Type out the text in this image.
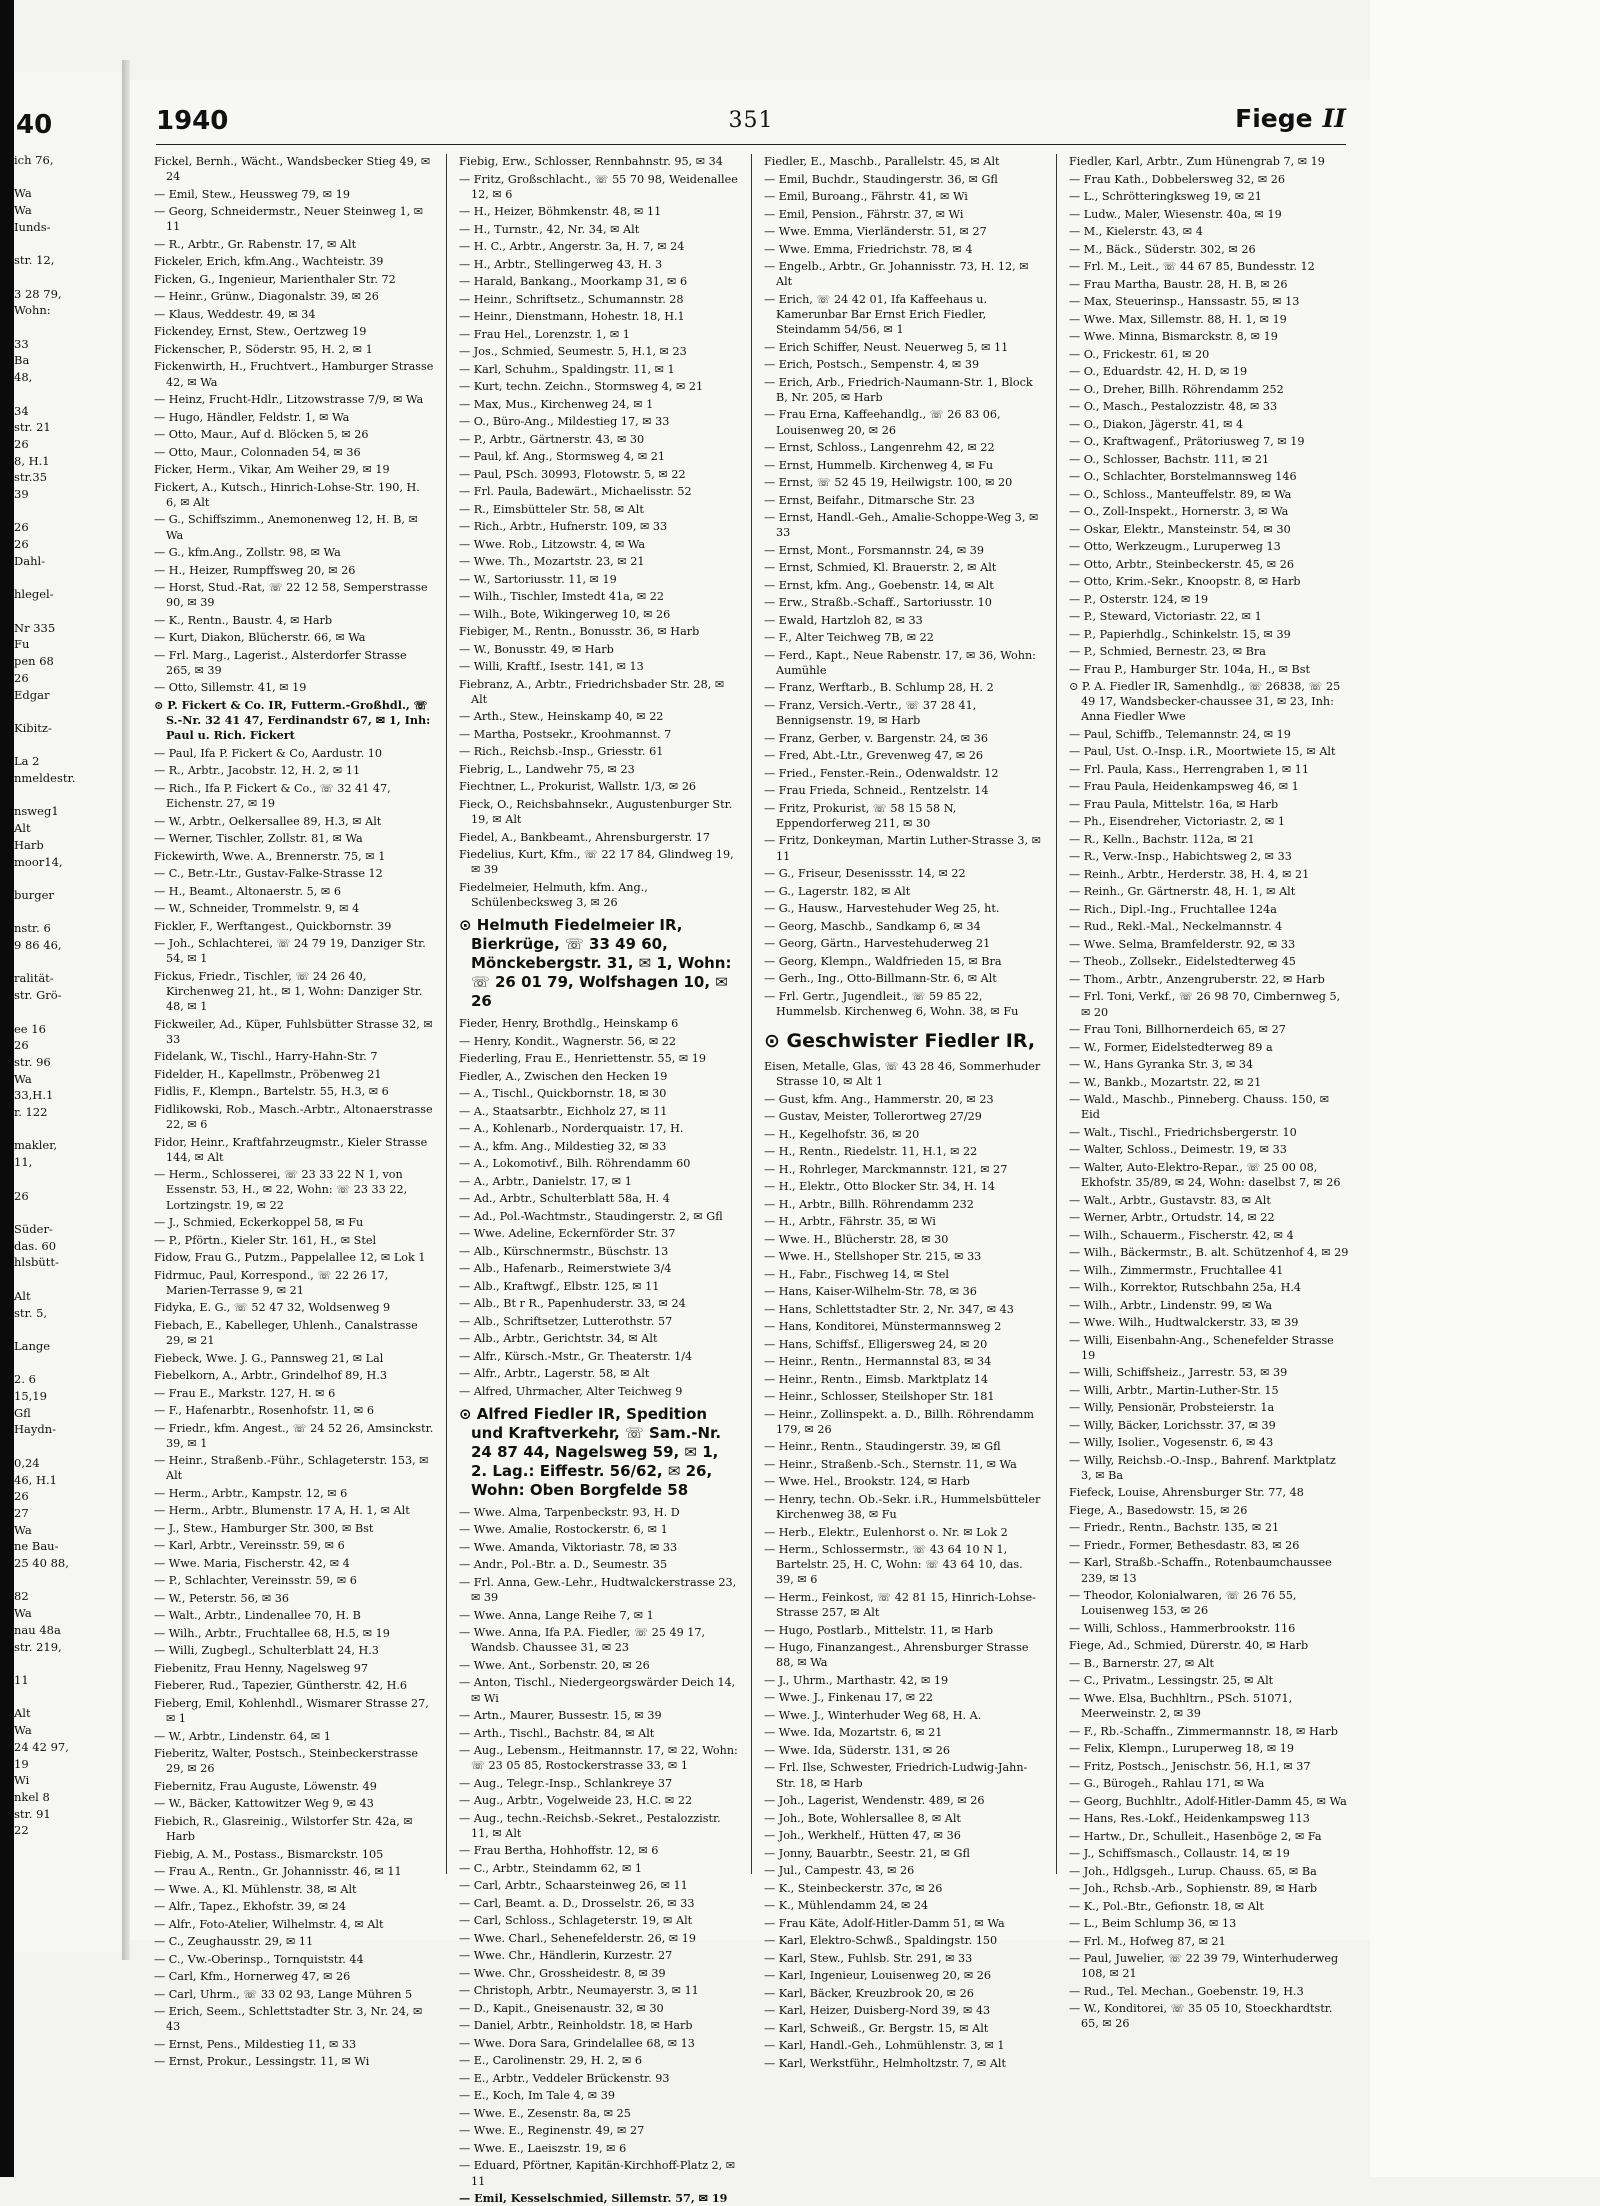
40
ich 76,

Wa
Wa
Iunds-

str. 12,

3 28 79,
Wohn:

33
Ba
48,

34
str. 21
26
8, H.1
str.35
39

26
26
Dahl-

hlegel-

Nr 335
Fu
pen 68
26
Edgar

Kibitz-

La 2
nmeldestr.

nsweg1
Alt
Harb
moor14,

burger

nstr. 6
9 86 46,

ralität-
str. Grö-

ee 16
26
str. 96
Wa
33,H.1
r. 122

makler,
11,

26

Süder-
das. 60
hlsbütt-

Alt
str. 5,

Lange

2. 6
15,19
Gfl
Haydn-

0,24
46, H.1
26
27
Wa
ne Bau-
25 40 88,

82
Wa
nau 48a
str. 219,

11

Alt
Wa
24 42 97,
19
Wi
nkel 8
str. 91
22
1940	351	Fiege II
Fickel, Bernh., Wächt., Wandsbecker Stieg 49, ✉ 24
— Emil, Stew., Heussweg 79, ✉ 19
— Georg, Schneidermstr., Neuer Steinweg 1, ✉ 11
— R., Arbtr., Gr. Rabenstr. 17, ✉ Alt
Fickeler, Erich, kfm.Ang., Wachteistr. 39
Ficken, G., Ingenieur, Marienthaler Str. 72
— Heinr., Grünw., Diagonalstr. 39, ✉ 26
— Klaus, Weddestr. 49, ✉ 34
Fickendey, Ernst, Stew., Oertzweg 19
Fickenscher, P., Söderstr. 95, H. 2, ✉ 1
Fickenwirth, H., Fruchtvert., Hamburger Strasse 42, ✉ Wa
— Heinz, Frucht-Hdlr., Litzowstrasse 7/9, ✉ Wa
— Hugo, Händler, Feldstr. 1, ✉ Wa
— Otto, Maur., Auf d. Blöcken 5, ✉ 26
— Otto, Maur., Colonnaden 54, ✉ 36
Ficker, Herm., Vikar, Am Weiher 29, ✉ 19
Fickert, A., Kutsch., Hinrich-Lohse-Str. 190, H. 6, ✉ Alt
— G., Schiffszimm., Anemonenweg 12, H. B, ✉ Wa
— G., kfm.Ang., Zollstr. 98, ✉ Wa
— H., Heizer, Rumpffsweg 20, ✉ 26
— Horst, Stud.-Rat, ☏ 22 12 58, Semperstrasse 90, ✉ 39
— K., Rentn., Baustr. 4, ✉ Harb
— Kurt, Diakon, Blücherstr. 66, ✉ Wa
— Frl. Marg., Lagerist., Alsterdorfer Strasse 265, ✉ 39
— Otto, Sillemstr. 41, ✉ 19
⊙ P. Fickert & Co. IR, Futterm.-Großhdl., ☏ S.-Nr. 32 41 47, Ferdinandstr 67, ✉ 1, Inh: Paul u. Rich. Fickert
— Paul, Ifa P. Fickert & Co, Aardustr. 10
— R., Arbtr., Jacobstr. 12, H. 2, ✉ 11
— Rich., Ifa P. Fickert & Co., ☏ 32 41 47, Eichenstr. 27, ✉ 19
— W., Arbtr., Oelkersallee 89, H.3, ✉ Alt
— Werner, Tischler, Zollstr. 81, ✉ Wa
Fickewirth, Wwe. A., Brennerstr. 75, ✉ 1
— C., Betr.-Ltr., Gustav-Falke-Strasse 12
— H., Beamt., Altonaerstr. 5, ✉ 6
— W., Schneider, Trommelstr. 9, ✉ 4
Fickler, F., Werftangest., Quickbornstr. 39
— Joh., Schlachterei, ☏ 24 79 19, Danziger Str. 54, ✉ 1
Fickus, Friedr., Tischler, ☏ 24 26 40, Kirchenweg 21, ht., ✉ 1, Wohn: Danziger Str. 48, ✉ 1
Fickweiler, Ad., Küper, Fuhlsbütter Strasse 32, ✉ 33
Fidelank, W., Tischl., Harry-Hahn-Str. 7
Fidelder, H., Kapellmstr., Pröbenweg 21
Fidlis, F., Klempn., Bartelstr. 55, H.3, ✉ 6
Fidlikowski, Rob., Masch.-Arbtr., Altonaerstrasse 22, ✉ 6
Fidor, Heinr., Kraftfahrzeugmstr., Kieler Strasse 144, ✉ Alt
— Herm., Schlosserei, ☏ 23 33 22 N 1, von Essenstr. 53, H., ✉ 22, Wohn: ☏ 23 33 22, Lortzingstr. 19, ✉ 22
— J., Schmied, Eckerkoppel 58, ✉ Fu
— P., Pförtn., Kieler Str. 161, H., ✉ Stel
Fidow, Frau G., Putzm., Pappelallee 12, ✉ Lok 1
Fidrmuc, Paul, Korrespond., ☏ 22 26 17, Marien-Terrasse 9, ✉ 21
Fidyka, E. G., ☏ 52 47 32, Woldsenweg 9
Fiebach, E., Kabelleger, Uhlenh., Canalstrasse 29, ✉ 21
Fiebeck, Wwe. J. G., Pannsweg 21, ✉ Lal
Fiebelkorn, A., Arbtr., Grindelhof 89, H.3
— Frau E., Markstr. 127, H. ✉ 6
— F., Hafenarbtr., Rosenhofstr. 11, ✉ 6
— Friedr., kfm. Angest., ☏ 24 52 26, Amsinckstr. 39, ✉ 1
— Heinr., Straßenb.-Führ., Schlageterstr. 153, ✉ Alt
— Herm., Arbtr., Kampstr. 12, ✉ 6
— Herm., Arbtr., Blumenstr. 17 A, H. 1, ✉ Alt
— J., Stew., Hamburger Str. 300, ✉ Bst
— Karl, Arbtr., Vereinsstr. 59, ✉ 6
— Wwe. Maria, Fischerstr. 42, ✉ 4
— P., Schlachter, Vereinsstr. 59, ✉ 6
— W., Peterstr. 56, ✉ 36
— Walt., Arbtr., Lindenallee 70, H. B
— Wilh., Arbtr., Fruchtallee 68, H.5, ✉ 19
— Willi, Zugbegl., Schulterblatt 24, H.3
Fiebenitz, Frau Henny, Nagelsweg 97
Fieberer, Rud., Tapezier, Güntherstr. 42, H.6
Fieberg, Emil, Kohlenhdl., Wismarer Strasse 27, ✉ 1
— W., Arbtr., Lindenstr. 64, ✉ 1
Fieberitz, Walter, Postsch., Steinbeckerstrasse 29, ✉ 26
Fiebernitz, Frau Auguste, Löwenstr. 49
— W., Bäcker, Kattowitzer Weg 9, ✉ 43
Fiebich, R., Glasreinig., Wilstorfer Str. 42a, ✉ Harb
Fiebig, A. M., Postass., Bismarckstr. 105
— Frau A., Rentn., Gr. Johannisstr. 46, ✉ 11
— Wwe. A., Kl. Mühlenstr. 38, ✉ Alt
— Alfr., Tapez., Ekhofstr. 39, ✉ 24
— Alfr., Foto-Atelier, Wilhelmstr. 4, ✉ Alt
— C., Zeughausstr. 29, ✉ 11
— C., Vw.-Oberinsp., Tornquiststr. 44
— Carl, Kfm., Hornerweg 47, ✉ 26
— Carl, Uhrm., ☏ 33 02 93, Lange Mühren 5
— Erich, Seem., Schlettstadter Str. 3, Nr. 24, ✉ 43
— Ernst, Pens., Mildestieg 11, ✉ 33
— Ernst, Prokur., Lessingstr. 11, ✉ Wi
Fiebig, Erw., Schlosser, Rennbahnstr. 95, ✉ 34
— Fritz, Großschlacht., ☏ 55 70 98, Weidenallee 12, ✉ 6
— H., Heizer, Böhmkenstr. 48, ✉ 11
— H., Turnstr., 42, Nr. 34, ✉ Alt
— H. C., Arbtr., Angerstr. 3a, H. 7, ✉ 24
— H., Arbtr., Stellingerweg 43, H. 3
— Harald, Bankang., Moorkamp 31, ✉ 6
— Heinr., Schriftsetz., Schumannstr. 28
— Heinr., Dienstmann, Hohestr. 18, H.1
— Frau Hel., Lorenzstr. 1, ✉ 1
— Jos., Schmied, Seumestr. 5, H.1, ✉ 23
— Karl, Schuhm., Spaldingstr. 11, ✉ 1
— Kurt, techn. Zeichn., Stormsweg 4, ✉ 21
— Max, Mus., Kirchenweg 24, ✉ 1
— O., Büro-Ang., Mildestieg 17, ✉ 33
— P., Arbtr., Gärtnerstr. 43, ✉ 30
— Paul, kf. Ang., Stormsweg 4, ✉ 21
— Paul, PSch. 30993, Flotowstr. 5, ✉ 22
— Frl. Paula, Badewärt., Michaelisstr. 52
— R., Eimsbütteler Str. 58, ✉ Alt
— Rich., Arbtr., Hufnerstr. 109, ✉ 33
— Wwe. Rob., Litzowstr. 4, ✉ Wa
— Wwe. Th., Mozartstr. 23, ✉ 21
— W., Sartoriusstr. 11, ✉ 19
— Wilh., Tischler, Imstedt 41a, ✉ 22
— Wilh., Bote, Wikingerweg 10, ✉ 26
Fiebiger, M., Rentn., Bonusstr. 36, ✉ Harb
— W., Bonusstr. 49, ✉ Harb
— Willi, Kraftf., Isestr. 141, ✉ 13
Fiebranz, A., Arbtr., Friedrichsbader Str. 28, ✉ Alt
— Arth., Stew., Heinskamp 40, ✉ 22
— Martha, Postsekr., Kroohmannst. 7
— Rich., Reichsb.-Insp., Griesstr. 61
Fiebrig, L., Landwehr 75, ✉ 23
Fiechtner, L., Prokurist, Wallstr. 1/3, ✉ 26
Fieck, O., Reichsbahnsekr., Augustenburger Str. 19, ✉ Alt
Fiedel, A., Bankbeamt., Ahrensburgerstr. 17
Fiedelius, Kurt, Kfm., ☏ 22 17 84, Glindweg 19, ✉ 39
Fiedelmeier, Helmuth, kfm. Ang., Schülenbecksweg 3, ✉ 26
⊙ Helmuth Fiedelmeier IR, Bierkrüge, ☏ 33 49 60, Mönckebergstr. 31, ✉ 1, Wohn: ☏ 26 01 79, Wolfshagen 10, ✉ 26
Fieder, Henry, Brothdlg., Heinskamp 6
— Henry, Kondit., Wagnerstr. 56, ✉ 22
Fiederling, Frau E., Henriettenstr. 55, ✉ 19
Fiedler, A., Zwischen den Hecken 19
— A., Tischl., Quickbornstr. 18, ✉ 30
— A., Staatsarbtr., Eichholz 27, ✉ 11
— A., Kohlenarb., Norderquaistr. 17, H.
— A., kfm. Ang., Mildestieg 32, ✉ 33
— A., Lokomotivf., Bilh. Röhrendamm 60
— A., Arbtr., Danielstr. 17, ✉ 1
— Ad., Arbtr., Schulterblatt 58a, H. 4
— Ad., Pol.-Wachtmstr., Staudingerstr. 2, ✉ Gfl
— Wwe. Adeline, Eckernförder Str. 37
— Alb., Kürschnermstr., Büschstr. 13
— Alb., Hafenarb., Reimerstwiete 3/4
— Alb., Kraftwgf., Elbstr. 125, ✉ 11
— Alb., Bt r R., Papenhuderstr. 33, ✉ 24
— Alb., Schriftsetzer, Lutterothstr. 57
— Alb., Arbtr., Gerichtstr. 34, ✉ Alt
— Alfr., Kürsch.-Mstr., Gr. Theaterstr. 1/4
— Alfr., Arbtr., Lagerstr. 58, ✉ Alt
— Alfred, Uhrmacher, Alter Teichweg 9
⊙ Alfred Fiedler IR, Spedition und Kraftverkehr, ☏ Sam.-Nr. 24 87 44, Nagelsweg 59, ✉ 1, 2. Lag.: Eiffestr. 56/62, ✉ 26, Wohn: Oben Borgfelde 58
— Wwe. Alma, Tarpenbeckstr. 93, H. D
— Wwe. Amalie, Rostockerstr. 6, ✉ 1
— Wwe. Amanda, Viktoriastr. 78, ✉ 33
— Andr., Pol.-Btr. a. D., Seumestr. 35
— Frl. Anna, Gew.-Lehr., Hudtwalckerstrasse 23, ✉ 39
— Wwe. Anna, Lange Reihe 7, ✉ 1
— Wwe. Anna, Ifa P.A. Fiedler, ☏ 25 49 17, Wandsb. Chaussee 31, ✉ 23
— Wwe. Ant., Sorbenstr. 20, ✉ 26
— Anton, Tischl., Niedergeorgswärder Deich 14, ✉ Wi
— Artn., Maurer, Bussestr. 15, ✉ 39
— Arth., Tischl., Bachstr. 84, ✉ Alt
— Aug., Lebensm., Heitmannstr. 17, ✉ 22, Wohn: ☏ 23 05 85, Rostockerstrasse 33, ✉ 1
— Aug., Telegr.-Insp., Schlankreye 37
— Aug., Arbtr., Vogelweide 23, H.C. ✉ 22
— Aug., techn.-Reichsb.-Sekret., Pestalozzistr. 11, ✉ Alt
— Frau Bertha, Hohhoffstr. 12, ✉ 6
— C., Arbtr., Steindamm 62, ✉ 1
— Carl, Arbtr., Schaarsteinweg 26, ✉ 11
— Carl, Beamt. a. D., Drosselstr. 26, ✉ 33
— Carl, Schloss., Schlageterstr. 19, ✉ Alt
— Wwe. Charl., Sehenefelderstr. 26, ✉ 19
— Wwe. Chr., Händlerin, Kurzestr. 27
— Wwe. Chr., Grossheidestr. 8, ✉ 39
— Christoph, Arbtr., Neumayerstr. 3, ✉ 11
— D., Kapit., Gneisenaustr. 32, ✉ 30
— Daniel, Arbtr., Reinholdstr. 18, ✉ Harb
— Wwe. Dora Sara, Grindelallee 68, ✉ 13
— E., Carolinenstr. 29, H. 2, ✉ 6
— E., Arbtr., Veddeler Brückenstr. 93
— E., Koch, Im Tale 4, ✉ 39
— Wwe. E., Zesenstr. 8a, ✉ 25
— Wwe. E., Reginenstr. 49, ✉ 27
— Wwe. E., Laeiszstr. 19, ✉ 6
— Eduard, Pförtner, Kapitän-Kirchhoff-Platz 2, ✉ 11
— Emil, Kesselschmied, Sillemstr. 57, ✉ 19
Fiedler, E., Maschb., Parallelstr. 45, ✉ Alt
— Emil, Buchdr., Staudingerstr. 36, ✉ Gfl
— Emil, Buroang., Fährstr. 41, ✉ Wi
— Emil, Pension., Fährstr. 37, ✉ Wi
— Wwe. Emma, Vierländerstr. 51, ✉ 27
— Wwe. Emma, Friedrichstr. 78, ✉ 4
— Engelb., Arbtr., Gr. Johannisstr. 73, H. 12, ✉ Alt
— Erich, ☏ 24 42 01, Ifa Kaffeehaus u. Kamerunbar Bar Ernst Erich Fiedler, Steindamm 54/56, ✉ 1
— Erich Schiffer, Neust. Neuerweg 5, ✉ 11
— Erich, Postsch., Sempenstr. 4, ✉ 39
— Erich, Arb., Friedrich-Naumann-Str. 1, Block B, Nr. 205, ✉ Harb
— Frau Erna, Kaffeehandlg., ☏ 26 83 06, Louisenweg 20, ✉ 26
— Ernst, Schloss., Langenrehm 42, ✉ 22
— Ernst, Hummelb. Kirchenweg 4, ✉ Fu
— Ernst, ☏ 52 45 19, Heilwigstr. 100, ✉ 20
— Ernst, Beifahr., Ditmarsche Str. 23
— Ernst, Handl.-Geh., Amalie-Schoppe-Weg 3, ✉ 33
— Ernst, Mont., Forsmannstr. 24, ✉ 39
— Ernst, Schmied, Kl. Brauerstr. 2, ✉ Alt
— Ernst, kfm. Ang., Goebenstr. 14, ✉ Alt
— Erw., Straßb.-Schaff., Sartoriusstr. 10
— Ewald, Hartzloh 82, ✉ 33
— F., Alter Teichweg 7B, ✉ 22
— Ferd., Kapt., Neue Rabenstr. 17, ✉ 36, Wohn: Aumühle
— Franz, Werftarb., B. Schlump 28, H. 2
— Franz, Versich.-Vertr., ☏ 37 28 41, Bennigsenstr. 19, ✉ Harb
— Franz, Gerber, v. Bargenstr. 24, ✉ 36
— Fred, Abt.-Ltr., Grevenweg 47, ✉ 26
— Fried., Fenster.-Rein., Odenwaldstr. 12
— Frau Frieda, Schneid., Rentzelstr. 14
— Fritz, Prokurist, ☏ 58 15 58 N, Eppendorferweg 211, ✉ 30
— Fritz, Donkeyman, Martin Luther-Strasse 3, ✉ 11
— G., Friseur, Desenissstr. 14, ✉ 22
— G., Lagerstr. 182, ✉ Alt
— G., Hausw., Harvestehuder Weg 25, ht.
— Georg, Maschb., Sandkamp 6, ✉ 34
— Georg, Gärtn., Harvestehuderweg 21
— Georg, Klempn., Waldfrieden 15, ✉ Bra
— Gerh., Ing., Otto-Billmann-Str. 6, ✉ Alt
— Frl. Gertr., Jugendleit., ☏ 59 85 22, Hummelsb. Kirchenweg 6, Wohn. 38, ✉ Fu
⊙ Geschwister Fiedler IR,
Eisen, Metalle, Glas, ☏ 43 28 46, Sommerhuder Strasse 10, ✉ Alt 1
— Gust, kfm. Ang., Hammerstr. 20, ✉ 23
— Gustav, Meister, Tollerortweg 27/29
— H., Kegelhofstr. 36, ✉ 20
— H., Rentn., Riedelstr. 11, H.1, ✉ 22
— H., Rohrleger, Marckmannstr. 121, ✉ 27
— H., Elektr., Otto Blocker Str. 34, H. 14
— H., Arbtr., Billh. Röhrendamm 232
— H., Arbtr., Fährstr. 35, ✉ Wi
— Wwe. H., Blücherstr. 28, ✉ 30
— Wwe. H., Stellshoper Str. 215, ✉ 33
— H., Fabr., Fischweg 14, ✉ Stel
— Hans, Kaiser-Wilhelm-Str. 78, ✉ 36
— Hans, Schlettstadter Str. 2, Nr. 347, ✉ 43
— Hans, Konditorei, Münstermannsweg 2
— Hans, Schiffsf., Elligersweg 24, ✉ 20
— Heinr., Rentn., Hermannstal 83, ✉ 34
— Heinr., Rentn., Eimsb. Marktplatz 14
— Heinr., Schlosser, Steilshoper Str. 181
— Heinr., Zollinspekt. a. D., Billh. Röhrendamm 179, ✉ 26
— Heinr., Rentn., Staudingerstr. 39, ✉ Gfl
— Heinr., Straßenb.-Sch., Sternstr. 11, ✉ Wa
— Wwe. Hel., Brookstr. 124, ✉ Harb
— Henry, techn. Ob.-Sekr. i.R., Hummelsbütteler Kirchenweg 38, ✉ Fu
— Herb., Elektr., Eulenhorst o. Nr. ✉ Lok 2
— Herm., Schlossermstr., ☏ 43 64 10 N 1, Bartelstr. 25, H. C, Wohn: ☏ 43 64 10, das. 39, ✉ 6
— Herm., Feinkost, ☏ 42 81 15, Hinrich-Lohse-Strasse 257, ✉ Alt
— Hugo, Postlarb., Mittelstr. 11, ✉ Harb
— Hugo, Finanzangest., Ahrensburger Strasse 88, ✉ Wa
— J., Uhrm., Marthastr. 42, ✉ 19
— Wwe. J., Finkenau 17, ✉ 22
— Wwe. J., Winterhuder Weg 68, H. A.
— Wwe. Ida, Mozartstr. 6, ✉ 21
— Wwe. Ida, Süderstr. 131, ✉ 26
— Frl. Ilse, Schwester, Friedrich-Ludwig-Jahn-Str. 18, ✉ Harb
— Joh., Lagerist, Wendenstr. 489, ✉ 26
— Joh., Bote, Wohlersallee 8, ✉ Alt
— Joh., Werkhelf., Hütten 47, ✉ 36
— Jonny, Bauarbtr., Seestr. 21, ✉ Gfl
— Jul., Campestr. 43, ✉ 26
— K., Steinbeckerstr. 37c, ✉ 26
— K., Mühlendamm 24, ✉ 24
— Frau Käte, Adolf-Hitler-Damm 51, ✉ Wa
— Karl, Elektro-Schwß., Spaldingstr. 150
— Karl, Stew., Fuhlsb. Str. 291, ✉ 33
— Karl, Ingenieur, Louisenweg 20, ✉ 26
— Karl, Bäcker, Kreuzbrook 20, ✉ 26
— Karl, Heizer, Duisberg-Nord 39, ✉ 43
— Karl, Schweiß., Gr. Bergstr. 15, ✉ Alt
— Karl, Handl.-Geh., Lohmühlenstr. 3, ✉ 1
— Karl, Werkstführ., Helmholtzstr. 7, ✉ Alt
Fiedler, Karl, Arbtr., Zum Hünengrab 7, ✉ 19
— Frau Kath., Dobbelersweg 32, ✉ 26
— L., Schrötteringksweg 19, ✉ 21
— Ludw., Maler, Wiesenstr. 40a, ✉ 19
— M., Kielerstr. 43, ✉ 4
— M., Bäck., Süderstr. 302, ✉ 26
— Frl. M., Leit., ☏ 44 67 85, Bundesstr. 12
— Frau Martha, Baustr. 28, H. B, ✉ 26
— Max, Steuerinsp., Hanssastr. 55, ✉ 13
— Wwe. Max, Sillemstr. 88, H. 1, ✉ 19
— Wwe. Minna, Bismarckstr. 8, ✉ 19
— O., Frickestr. 61, ✉ 20
— O., Eduardstr. 42, H. D, ✉ 19
— O., Dreher, Billh. Röhrendamm 252
— O., Masch., Pestalozzistr. 48, ✉ 33
— O., Diakon, Jägerstr. 41, ✉ 4
— O., Kraftwagenf., Prätoriusweg 7, ✉ 19
— O., Schlosser, Bachstr. 111, ✉ 21
— O., Schlachter, Borstelmannsweg 146
— O., Schloss., Manteuffelstr. 89, ✉ Wa
— O., Zoll-Inspekt., Hornerstr. 3, ✉ Wa
— Oskar, Elektr., Mansteinstr. 54, ✉ 30
— Otto, Werkzeugm., Luruperweg 13
— Otto, Arbtr., Steinbeckerstr. 45, ✉ 26
— Otto, Krim.-Sekr., Knoopstr. 8, ✉ Harb
— P., Osterstr. 124, ✉ 19
— P., Steward, Victoriastr. 22, ✉ 1
— P., Papierhdlg., Schinkelstr. 15, ✉ 39
— P., Schmied, Bernestr. 23, ✉ Bra
— Frau P., Hamburger Str. 104a, H., ✉ Bst
⊙ P. A. Fiedler IR, Samenhdlg., ☏ 26838, ☏ 25 49 17, Wandsbecker-chaussee 31, ✉ 23, Inh: Anna Fiedler Wwe
— Paul, Schiffb., Telemannstr. 24, ✉ 19
— Paul, Ust. O.-Insp. i.R., Moortwiete 15, ✉ Alt
— Frl. Paula, Kass., Herrengraben 1, ✉ 11
— Frau Paula, Heidenkampsweg 46, ✉ 1
— Frau Paula, Mittelstr. 16a, ✉ Harb
— Ph., Eisendreher, Victoriastr. 2, ✉ 1
— R., Kelln., Bachstr. 112a, ✉ 21
— R., Verw.-Insp., Habichtsweg 2, ✉ 33
— Reinh., Arbtr., Herderstr. 38, H. 4, ✉ 21
— Reinh., Gr. Gärtnerstr. 48, H. 1, ✉ Alt
— Rich., Dipl.-Ing., Fruchtallee 124a
— Rud., Rekl.-Mal., Neckelmannstr. 4
— Wwe. Selma, Bramfelderstr. 92, ✉ 33
— Theob., Zollsekr., Eidelstedterweg 45
— Thom., Arbtr., Anzengruberstr. 22, ✉ Harb
— Frl. Toni, Verkf., ☏ 26 98 70, Cimbernweg 5, ✉ 20
— Frau Toni, Billhornerdeich 65, ✉ 27
— W., Former, Eidelstedterweg 89 a
— W., Hans Gyranka Str. 3, ✉ 34
— W., Bankb., Mozartstr. 22, ✉ 21
— Wald., Maschb., Pinneberg. Chauss. 150, ✉ Eid
— Walt., Tischl., Friedrichsbergerstr. 10
— Walter, Schloss., Deimestr. 19, ✉ 33
— Walter, Auto-Elektro-Repar., ☏ 25 00 08, Ekhofstr. 35/89, ✉ 24, Wohn: daselbst 7, ✉ 26
— Walt., Arbtr., Gustavstr. 83, ✉ Alt
— Werner, Arbtr., Ortudstr. 14, ✉ 22
— Wilh., Schauerm., Fischerstr. 42, ✉ 4
— Wilh., Bäckermstr., B. alt. Schützenhof 4, ✉ 29
— Wilh., Zimmermstr., Fruchtallee 41
— Wilh., Korrektor, Rutschbahn 25a, H.4
— Wilh., Arbtr., Lindenstr. 99, ✉ Wa
— Wwe. Wilh., Hudtwalckerstr. 33, ✉ 39
— Willi, Eisenbahn-Ang., Schenefelder Strasse 19
— Willi, Schiffsheiz., Jarrestr. 53, ✉ 39
— Willi, Arbtr., Martin-Luther-Str. 15
— Willy, Pensionär, Probsteierstr. 1a
— Willy, Bäcker, Lorichsstr. 37, ✉ 39
— Willy, Isolier., Vogesenstr. 6, ✉ 43
— Willy, Reichsb.-O.-Insp., Bahrenf. Marktplatz 3, ✉ Ba
Fiefeck, Louise, Ahrensburger Str. 77, 48
Fiege, A., Basedowstr. 15, ✉ 26
— Friedr., Rentn., Bachstr. 135, ✉ 21
— Friedr., Former, Bethesdastr. 83, ✉ 26
— Karl, Straßb.-Schaffn., Rotenbaumchaussee 239, ✉ 13
— Theodor, Kolonialwaren, ☏ 26 76 55, Louisenweg 153, ✉ 26
— Willi, Schloss., Hammerbrookstr. 116
Fiege, Ad., Schmied, Dürerstr. 40, ✉ Harb
— B., Barnerstr. 27, ✉ Alt
— C., Privatm., Lessingstr. 25, ✉ Alt
— Wwe. Elsa, Buchhltrn., PSch. 51071, Meerweinstr. 2, ✉ 39
— F., Rb.-Schaffn., Zimmermannstr. 18, ✉ Harb
— Felix, Klempn., Luruperweg 18, ✉ 19
— Fritz, Postsch., Jenischstr. 56, H.1, ✉ 37
— G., Bürogeh., Rahlau 171, ✉ Wa
— Georg, Buchhltr., Adolf-Hitler-Damm 45, ✉ Wa
— Hans, Res.-Lokf., Heidenkampsweg 113
— Hartw., Dr., Schulleit., Hasenböge 2, ✉ Fa
— J., Schiffsmasch., Collaustr. 14, ✉ 19
— Joh., Hdlgsgeh., Lurup. Chauss. 65, ✉ Ba
— Joh., Rchsb.-Arb., Sophienstr. 89, ✉ Harb
— K., Pol.-Btr., Gefionstr. 18, ✉ Alt
— L., Beim Schlump 36, ✉ 13
— Frl. M., Hofweg 87, ✉ 21
— Paul, Juwelier, ☏ 22 39 79, Winterhuderweg 108, ✉ 21
— Rud., Tel. Mechan., Goebenstr. 19, H.3
— W., Konditorei, ☏ 35 05 10, Stoeckhardtstr. 65, ✉ 26
